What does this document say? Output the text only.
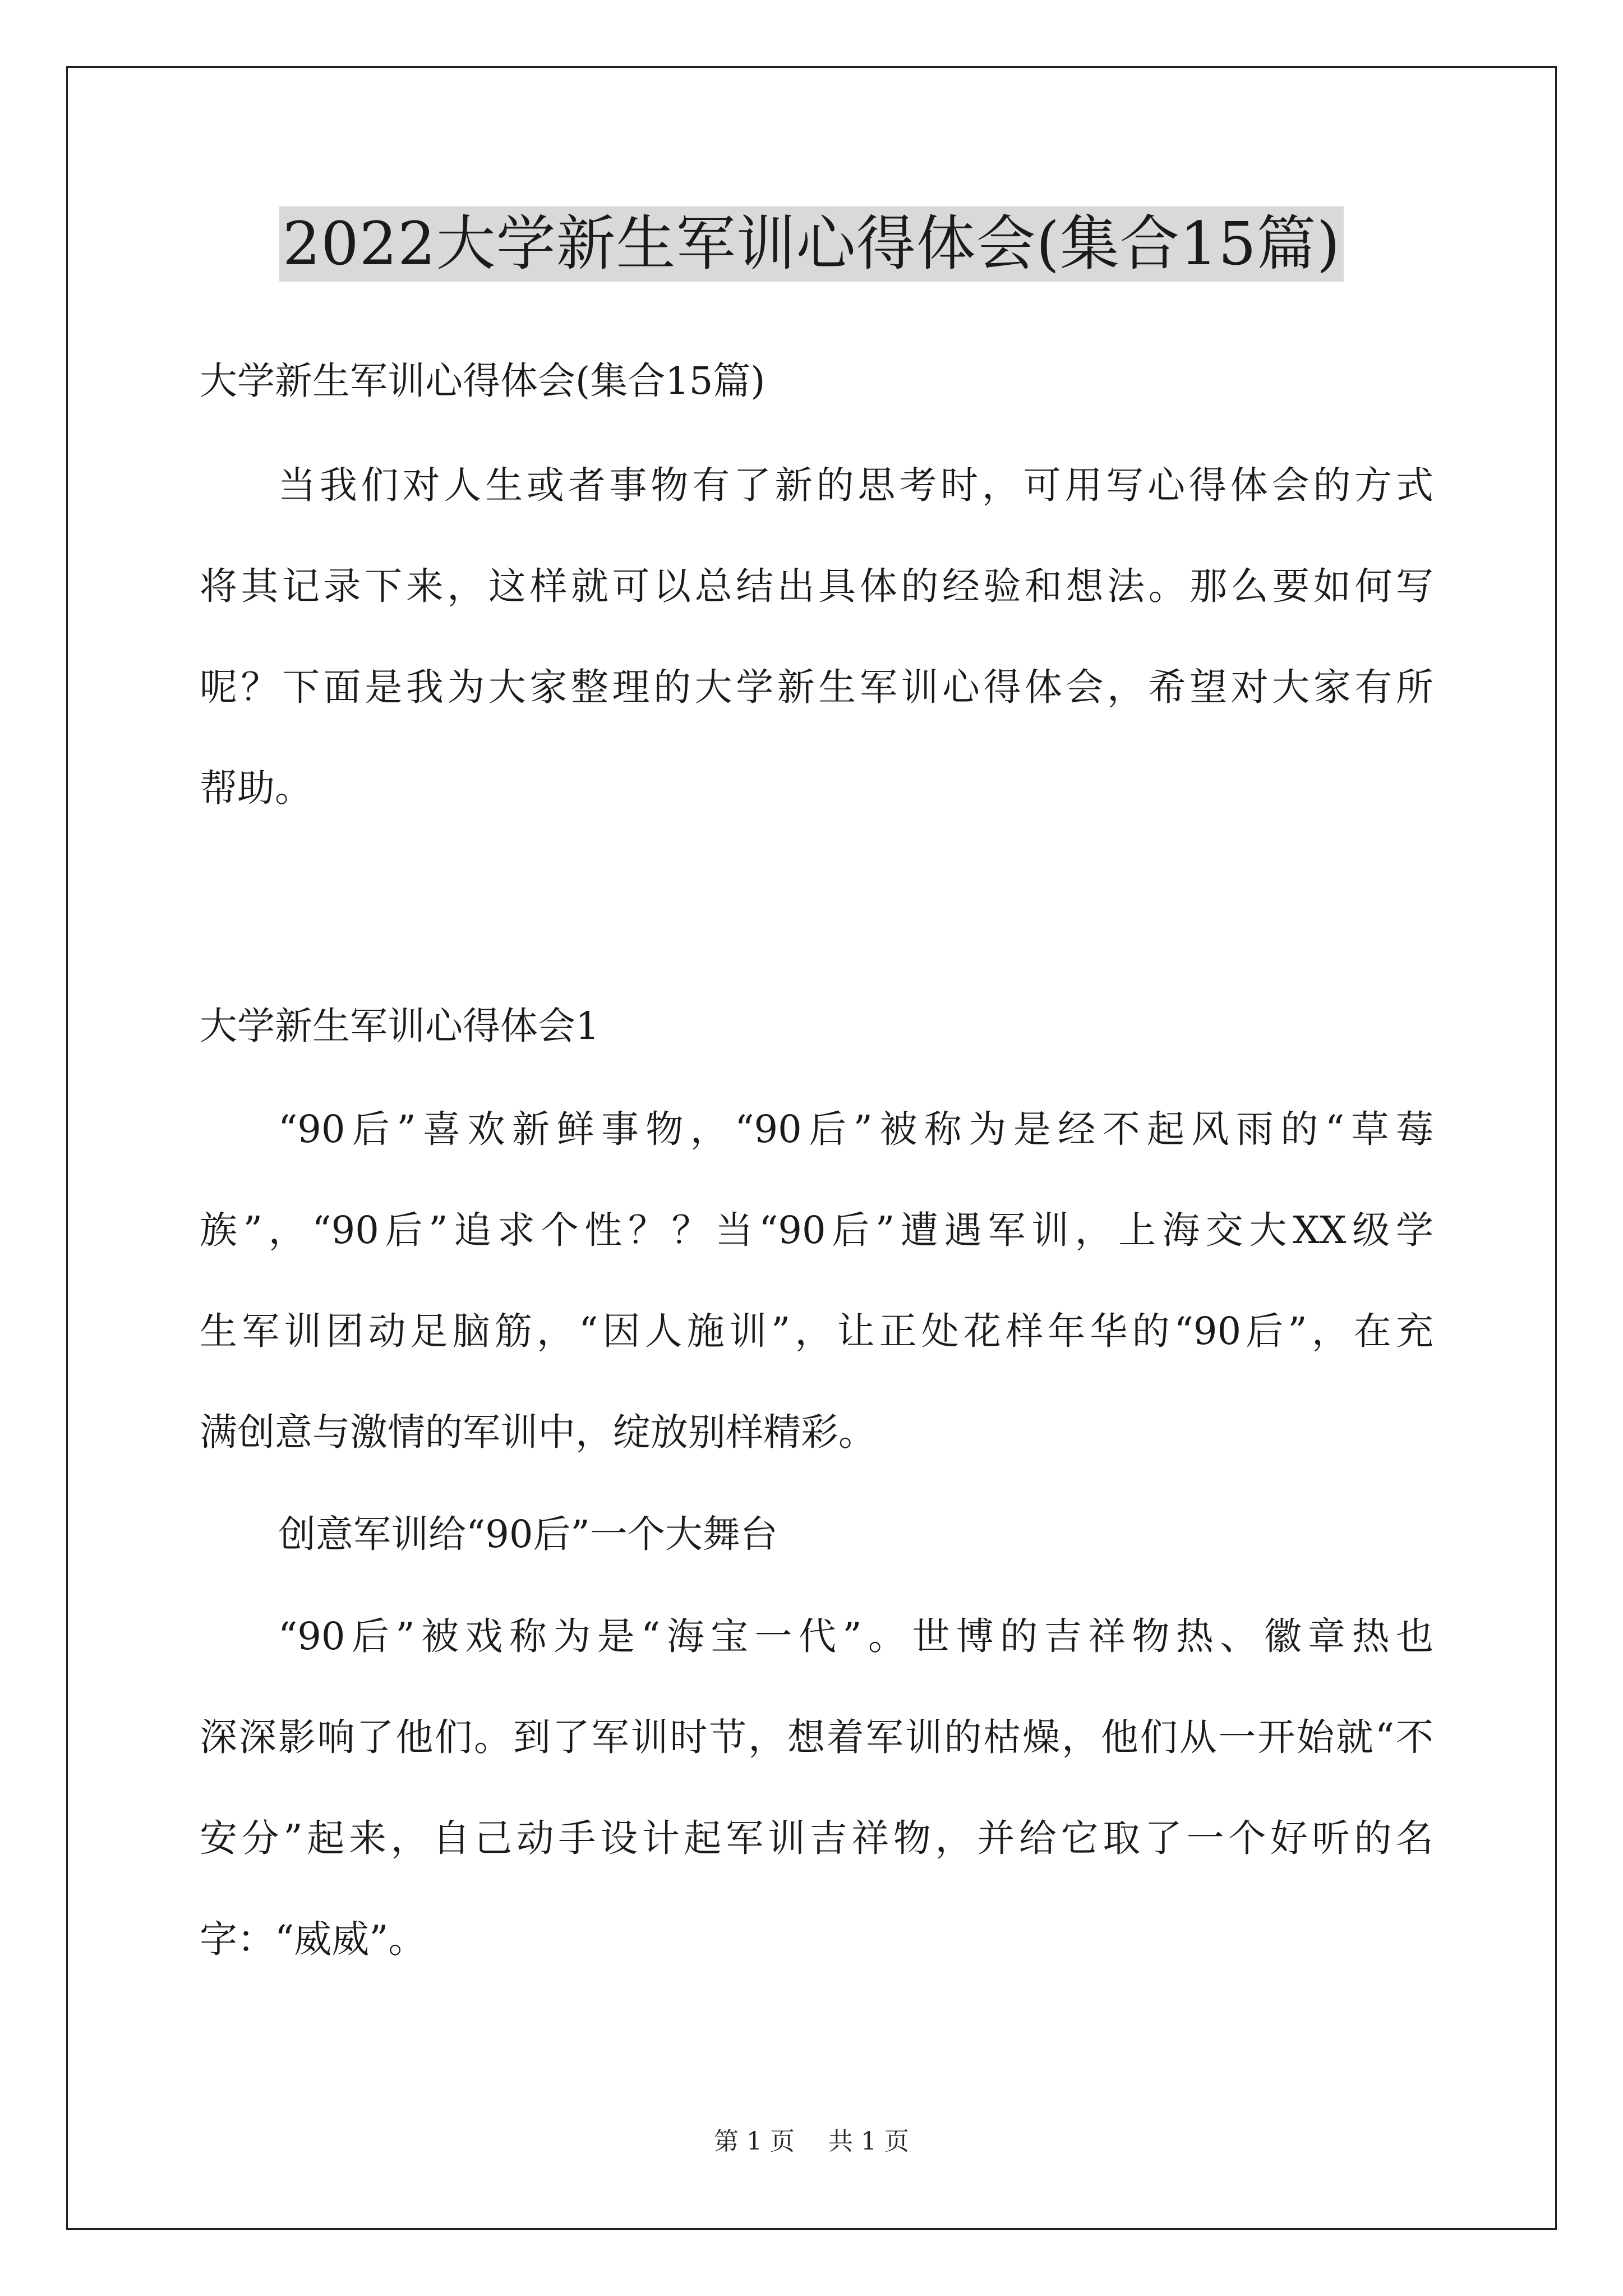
2022大学新生军训心得体会(集合15篇)
大学新生军训心得体会(集合15篇)
当我们对人生或者事物有了新的思考时，可用写心得体会的方式
将其记录下来，这样就可以总结出具体的经验和想法。那么要如何写
呢？下面是我为大家整理的大学新生军训心得体会，希望对大家有所
帮助。
大学新生军训心得体会1
“90后”喜欢新鲜事物，“90后”被称为是经不起风雨的“草莓
族”，“90后”追求个性？？当“90后”遭遇军训，上海交大XX级学
生军训团动足脑筋，“因人施训”，让正处花样年华的“90后”，在充
满创意与激情的军训中，绽放别样精彩。
创意军训给“90后”一个大舞台
“90后”被戏称为是“海宝一代”。世博的吉祥物热、徽章热也
深深影响了他们。到了军训时节，想着军训的枯燥，他们从一开始就“不
安分”起来，自己动手设计起军训吉祥物，并给它取了一个好听的名
字：“威威”。
第 1 页 共 1 页
